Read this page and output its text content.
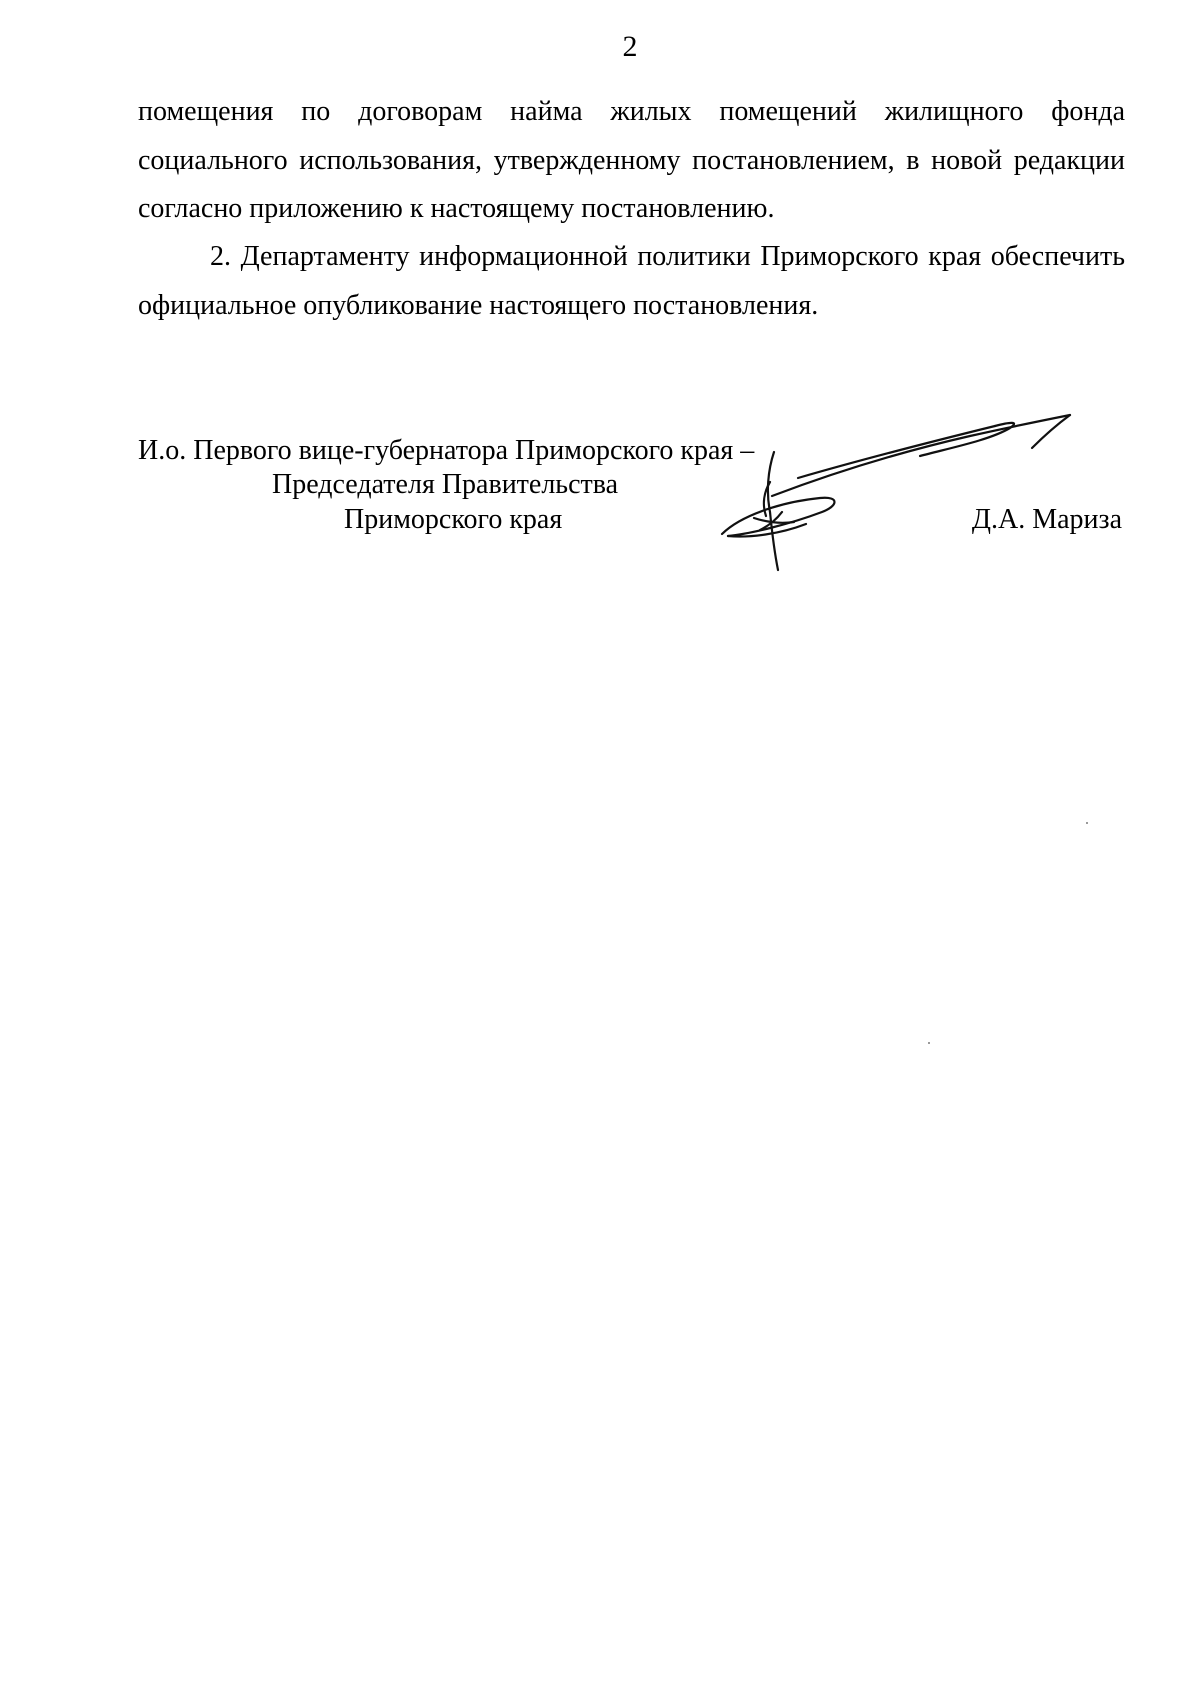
2

помещения по договорам найма жилых помещений жилищного фонда социального использования, утвержденному постановлением, в новой редакции согласно приложению к настоящему постановлению.

2. Департаменту информационной политики Приморского края обеспечить официальное опубликование настоящего постановления.

И.о. Первого вице-губернатора Приморского края –
Председателя Правительства
Приморского края	Д.А. Мариза
